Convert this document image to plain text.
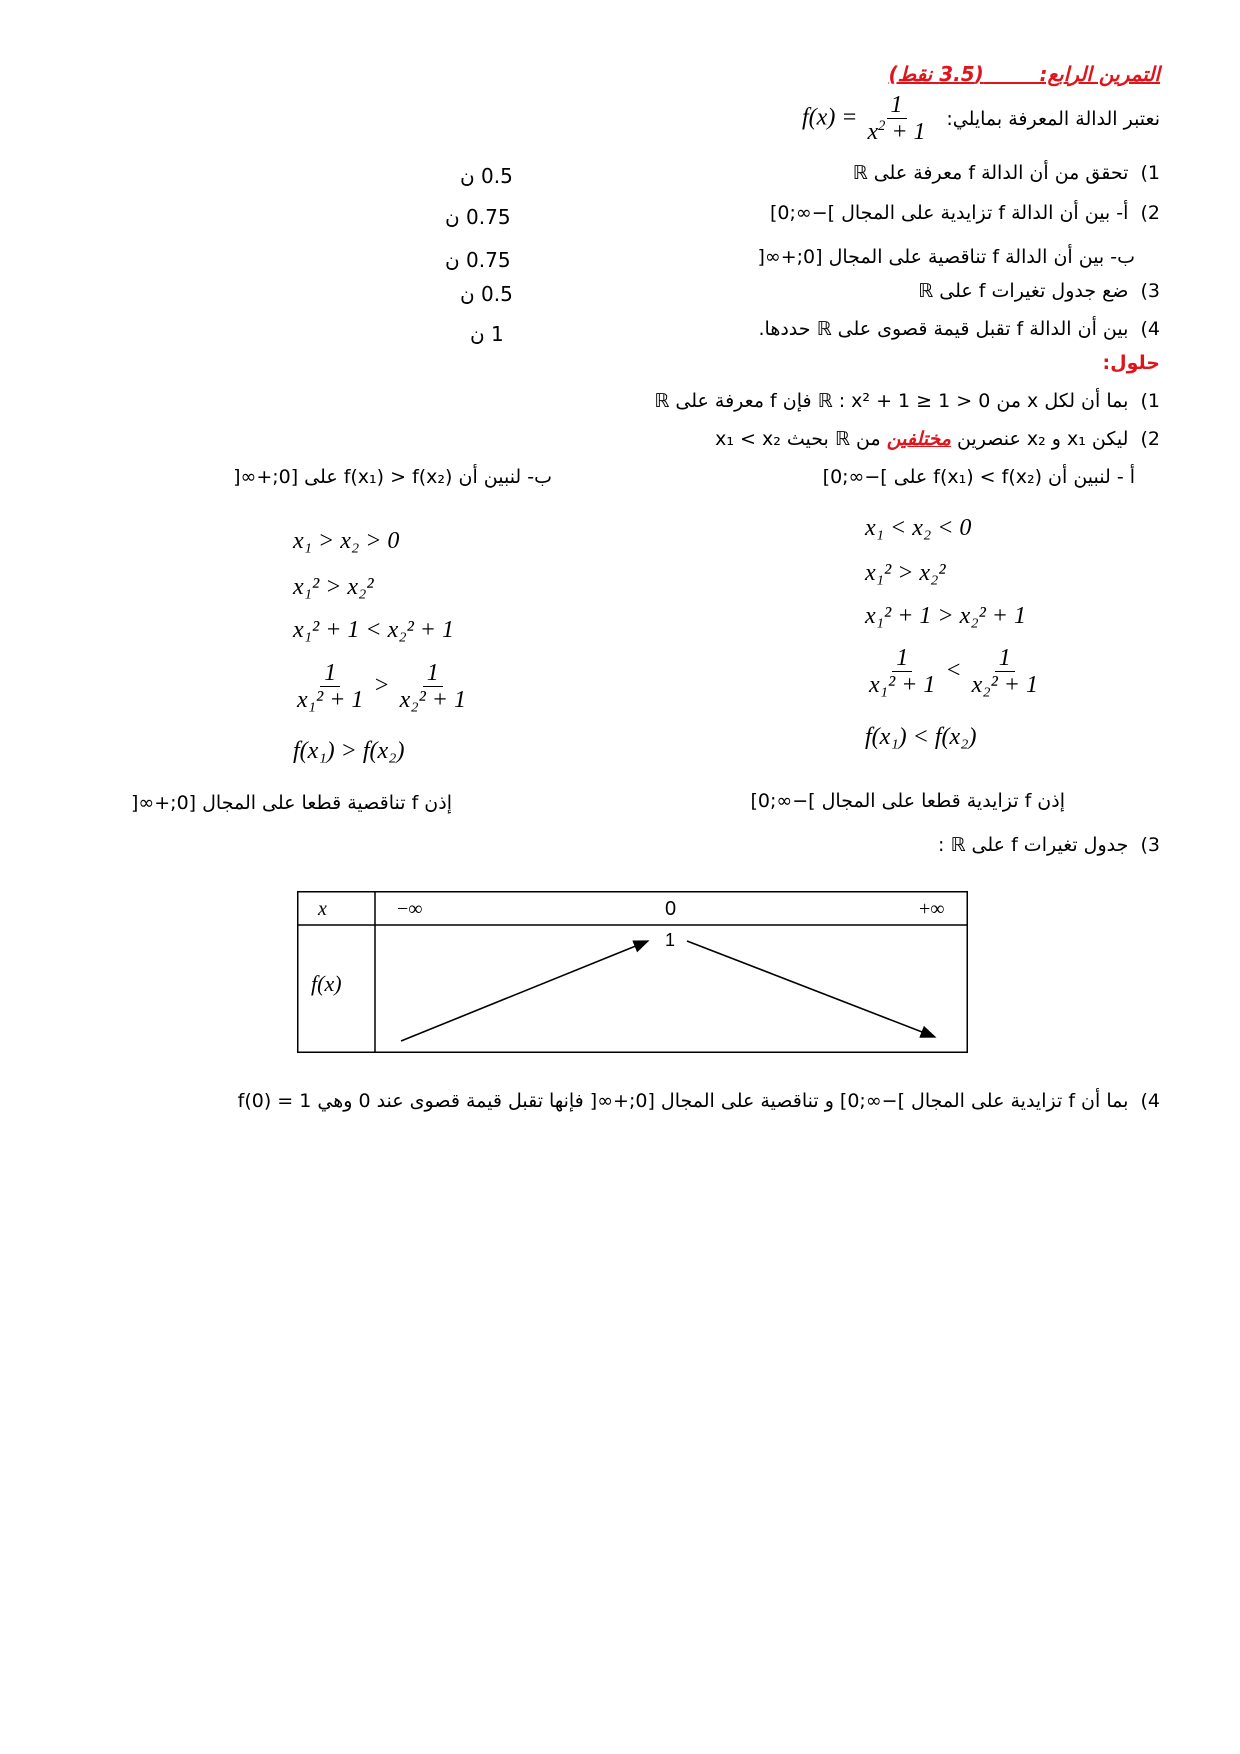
التمرين الرابع:        (3.5 نقط)
نعتبر الدالة المعرفة بمايلي:
$f(x) = \frac{1}{x^2 + 1}$
1)  تحقق من أن الدالة f معرفة على ℝ
0.5 ن
2)  أ- بين أن الدالة f تزايدية على المجال ]−∞;0]
0.75 ن
ب- بين أن الدالة f تناقصية على المجال [0;+∞[
0.75 ن
3)  ضع جدول تغيرات f على ℝ
0.5 ن
4)  بين أن الدالة f تقبل قيمة قصوى على ℝ حددها.
1 ن
حلول:
1)  بما أن لكل x من ℝ : x² + 1 ≥ 1 > 0 فإن f معرفة على ℝ
2)  ليكن x₁ و x₂ عنصرين مختلفين من ℝ بحيث x₁ < x₂
أ - لنبين أن f(x₁) < f(x₂) على ]−∞;0]
x₁ < x₂ < 0
x₁² > x₂²
x₁² + 1 > x₂² + 1
$\frac{1}{\text{x₁² + 1}} < \frac{1}{\text{x₂² + 1}}$
f(x₁) < f(x₂)
إذن f تزايدية قطعا على المجال ]−∞;0]
ب- لنبين أن f(x₁) > f(x₂) على [0;+∞[
x₁ > x₂ > 0
x₁² > x₂²
x₁² + 1 < x₂² + 1
$\frac{1}{\text{x₁² + 1}} > \frac{1}{\text{x₂² + 1}}$
f(x₁) > f(x₂)
إذن f تناقصية قطعا على المجال [0;+∞[
3)  جدول تغيرات f على ℝ :
x
f(x)
−∞	0	+∞
1
4)  بما أن f تزايدية على المجال ]−∞;0] و تناقصية على المجال [0;+∞[ فإنها تقبل قيمة قصوى عند 0 وهي f(0) = 1
